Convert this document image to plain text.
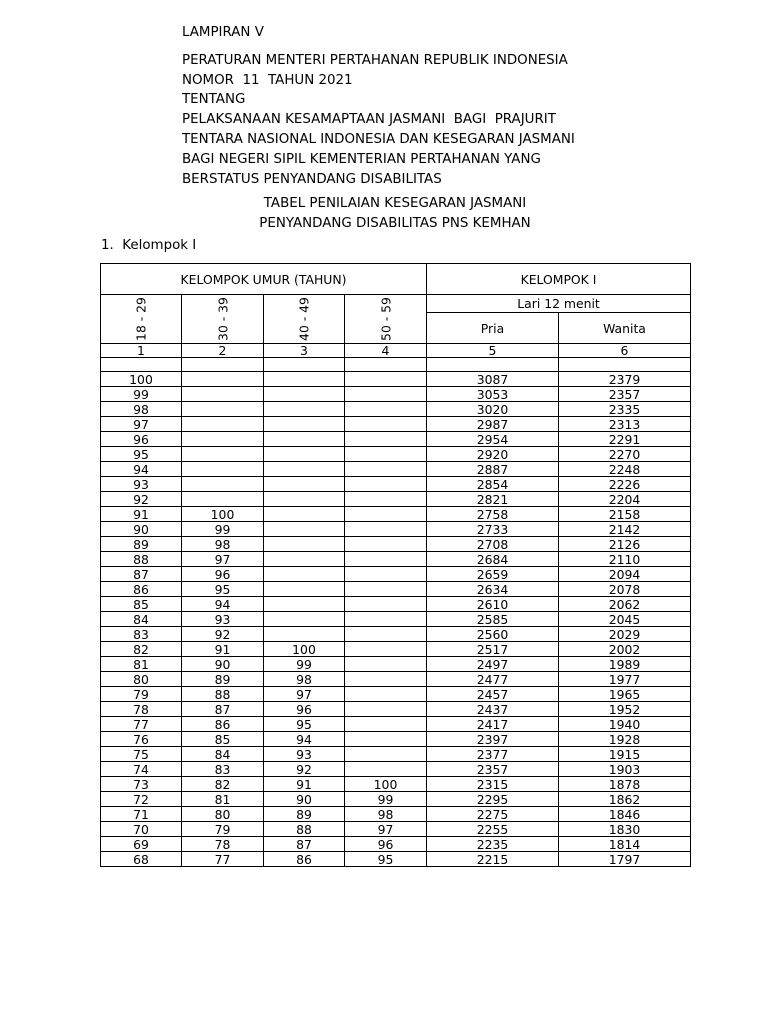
LAMPIRAN V
PERATURAN MENTERI PERTAHANAN REPUBLIK INDONESIA
NOMOR  11  TAHUN 2021
TENTANG
PELAKSANAAN KESAMAPTAAN JASMANI  BAGI  PRAJURIT
TENTARA NASIONAL INDONESIA DAN KESEGARAN JASMANI
BAGI NEGERI SIPIL KEMENTERIAN PERTAHANAN YANG
BERSTATUS PENYANDANG DISABILITAS
TABEL PENILAIAN KESEGARAN JASMANI
PENYANDANG DISABILITAS PNS KEMHAN
1.  Kelompok I
KELOMPOK UMUR (TAHUN)				KELOMPOK I	

18 - 29	30 - 39	40 - 49	50 - 59	Lari 12 menit	
				Pria	Wanita
1	2	3	4	5	6

100				3087	2379
99				3053	2357
98				3020	2335
97				2987	2313
96				2954	2291
95				2920	2270
94				2887	2248
93				2854	2226
92				2821	2204
91	100			2758	2158
90	99			2733	2142
89	98			2708	2126
88	97			2684	2110
87	96			2659	2094
86	95			2634	2078
85	94			2610	2062
84	93			2585	2045
83	92			2560	2029
82	91	100		2517	2002
81	90	99		2497	1989
80	89	98		2477	1977
79	88	97		2457	1965
78	87	96		2437	1952
77	86	95		2417	1940
76	85	94		2397	1928
75	84	93		2377	1915
74	83	92		2357	1903
73	82	91	100	2315	1878
72	81	90	99	2295	1862
71	80	89	98	2275	1846
70	79	88	97	2255	1830
69	78	87	96	2235	1814
68	77	86	95	2215	1797
